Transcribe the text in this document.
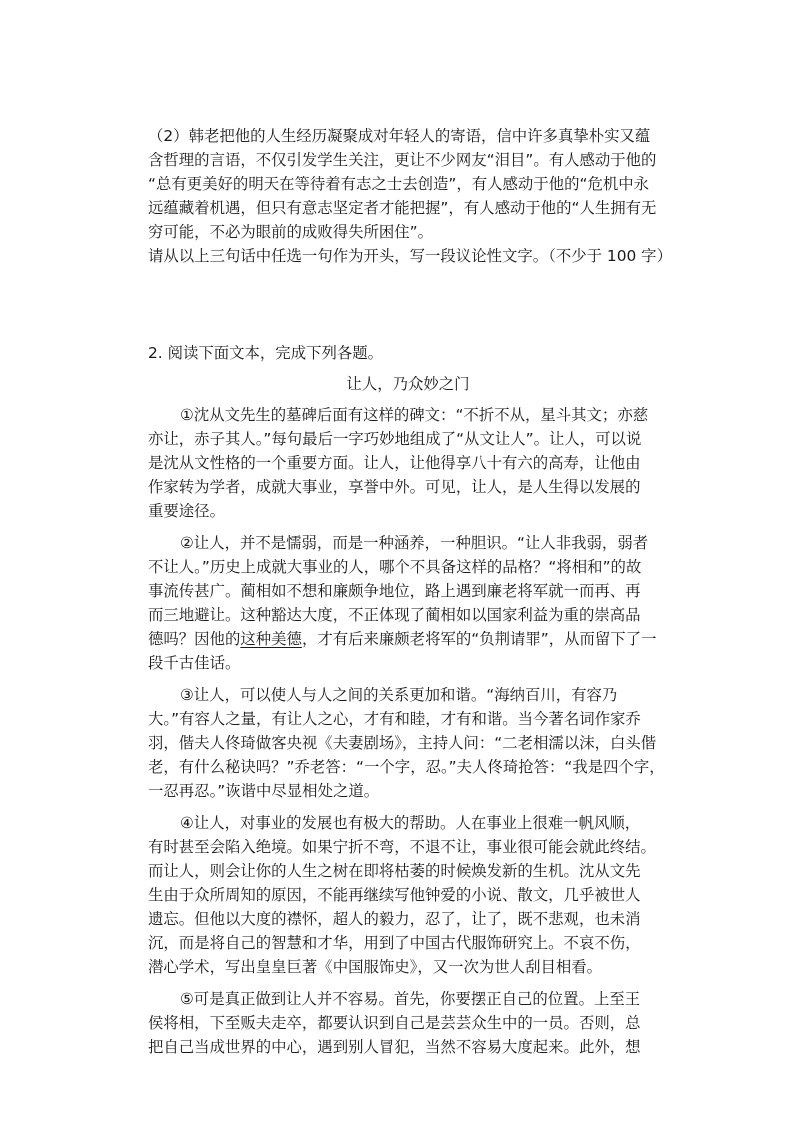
（2）韩老把他的人生经历凝聚成对年轻人的寄语，信中许多真挚朴实又蕴
含哲理的言语，不仅引发学生关注，更让不少网友“泪目”。有人感动于他的
“总有更美好的明天在等待着有志之士去创造”，有人感动于他的“危机中永
远蕴藏着机遇，但只有意志坚定者才能把握”，有人感动于他的“人生拥有无
穷可能，不必为眼前的成败得失所困住”。
请从以上三句话中任选一句作为开头，写一段议论性文字。（不少于 100 字）
2. 阅读下面文本，完成下列各题。
让人，乃众妙之门
①沈从文先生的墓碑后面有这样的碑文：“不折不从，星斗其文；亦慈
亦让，赤子其人。”每句最后一字巧妙地组成了“从文让人”。让人，可以说
是沈从文性格的一个重要方面。让人，让他得享八十有六的高寿，让他由
作家转为学者，成就大事业，享誉中外。可见，让人，是人生得以发展的
重要途径。
②让人，并不是懦弱，而是一种涵养，一种胆识。“让人非我弱，弱者
不让人。”历史上成就大事业的人，哪个不具备这样的品格？“将相和”的故
事流传甚广。蔺相如不想和廉颇争地位，路上遇到廉老将军就一而再、再
而三地避让。这种豁达大度，不正体现了蔺相如以国家利益为重的崇高品
德吗？因他的这种美德，才有后来廉颇老将军的“负荆请罪”，从而留下了一
段千古佳话。
③让人，可以使人与人之间的关系更加和谐。“海纳百川，有容乃
大。”有容人之量，有让人之心，才有和睦，才有和谐。当今著名词作家乔
羽，偕夫人佟琦做客央视《夫妻剧场》，主持人问：“二老相濡以沫，白头偕
老，有什么秘诀吗？”乔老答：“一个字，忍。”夫人佟琦抢答：“我是四个字，
一忍再忍。”诙谐中尽显相处之道。
④让人，对事业的发展也有极大的帮助。人在事业上很难一帆风顺，
有时甚至会陷入绝境。如果宁折不弯，不退不让，事业很可能会就此终结。
而让人，则会让你的人生之树在即将枯萎的时候焕发新的生机。沈从文先
生由于众所周知的原因，不能再继续写他钟爱的小说、散文，几乎被世人
遗忘。但他以大度的襟怀，超人的毅力，忍了，让了，既不悲观，也未消
沉，而是将自己的智慧和才华，用到了中国古代服饰研究上。不哀不伤，
潜心学术，写出皇皇巨著《中国服饰史》，又一次为世人刮目相看。
⑤可是真正做到让人并不容易。首先，你要摆正自己的位置。上至王
侯将相，下至贩夫走卒，都要认识到自己是芸芸众生中的一员。否则，总
把自己当成世界的中心，遇到别人冒犯，当然不容易大度起来。此外，想
